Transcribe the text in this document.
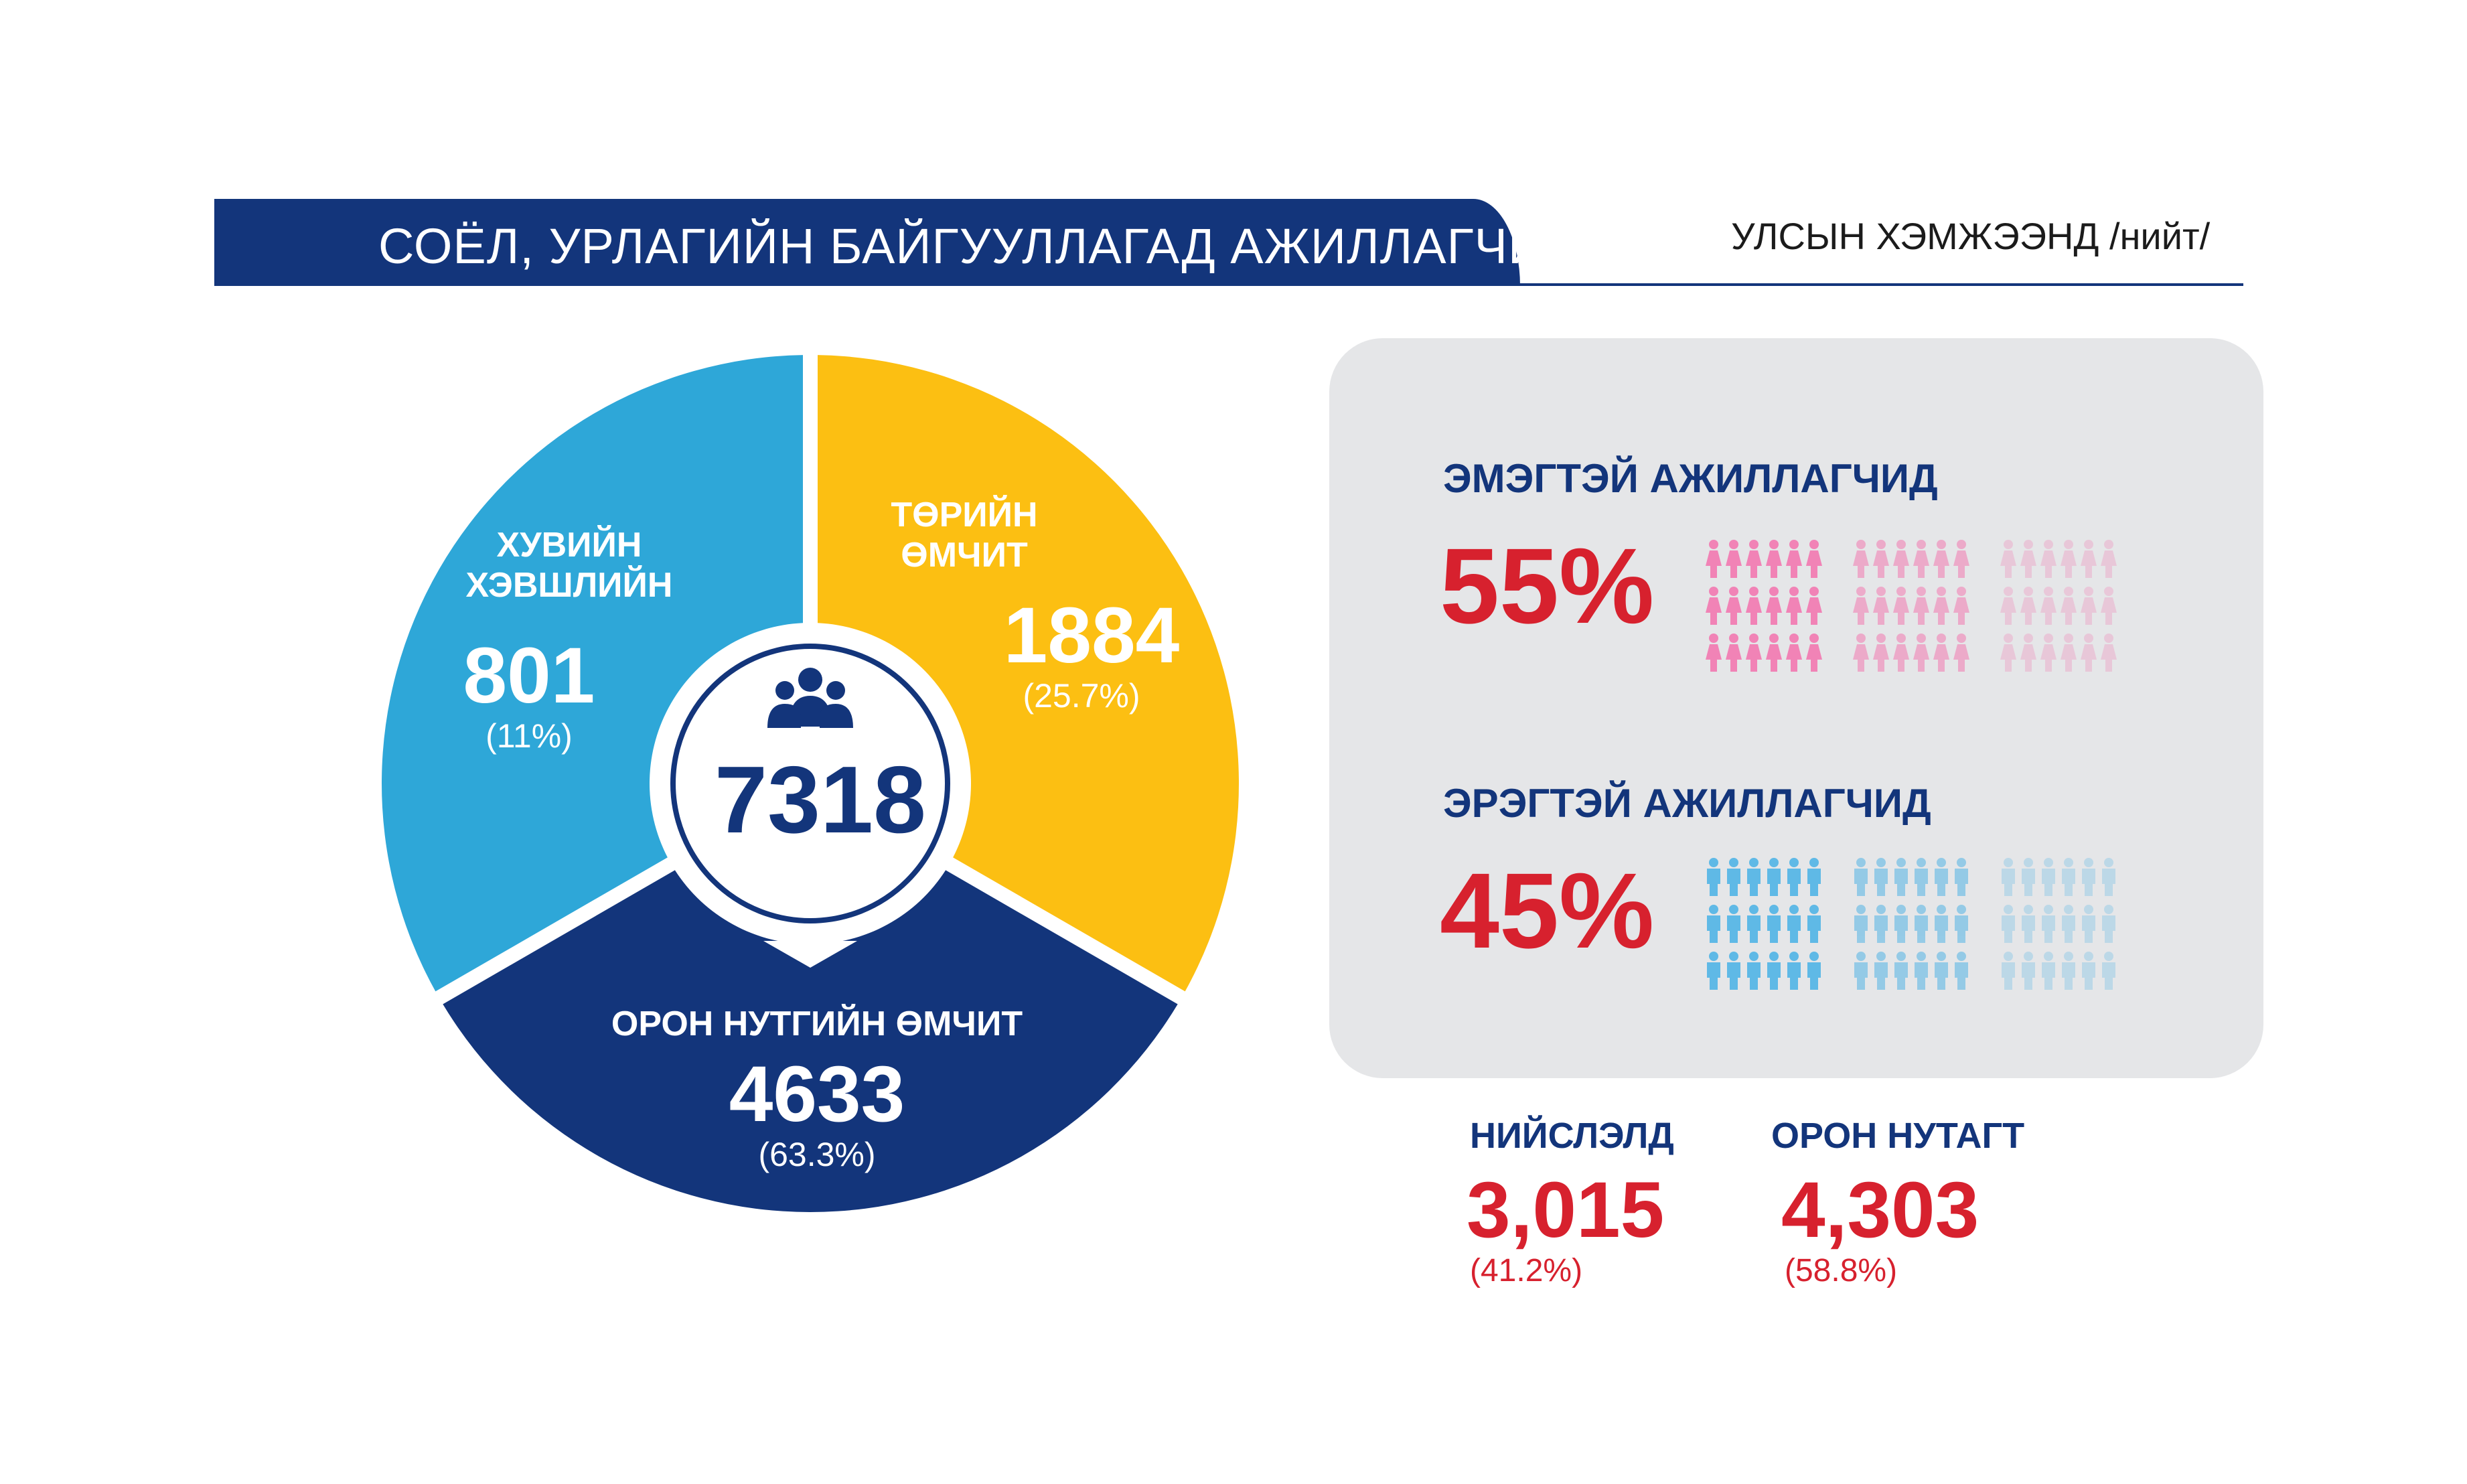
СОЁЛ, УРЛАГИЙН БАЙГУУЛЛАГАД АЖИЛЛАГЧИД	УЛСЫН ХЭМЖЭЭНД /нийт/
7318
ХУВИЙН
ХЭВШЛИЙН
801
(11%)
ТӨРИЙН
ӨМЧИТ
1884
(25.7%)
ОРОН НУТГИЙН ӨМЧИТ
4633
(63.3%)
ЭМЭГТЭЙ АЖИЛЛАГЧИД
55%
ЭРЭГТЭЙ АЖИЛЛАГЧИД
45%
НИЙСЛЭЛД
3,015
(41.2%)
ОРОН НУТАГТ
4,303
(58.8%)
